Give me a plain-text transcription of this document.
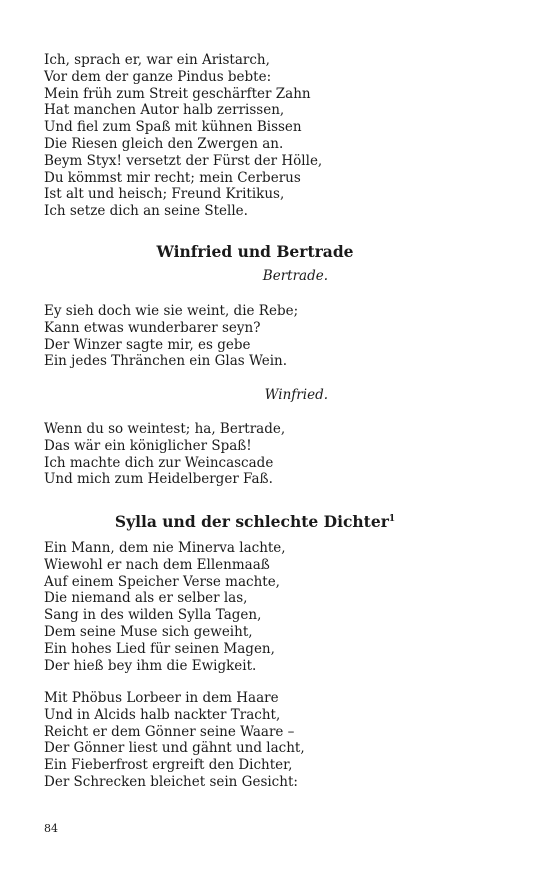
Ich, sprach er, war ein Aristarch,
Vor dem der ganze Pindus bebte:
Mein früh zum Streit geschärfter Zahn
Hat manchen Autor halb zerrissen,
Und fiel zum Spaß mit kühnen Bissen
Die Riesen gleich den Zwergen an.
Beym Styx! versetzt der Fürst der Hölle,
Du kömmst mir recht; mein Cerberus
Ist alt und heisch; Freund Kritikus,
Ich setze dich an seine Stelle.
Winfried und Bertrade

Bertrade.

Ey sieh doch wie sie weint, die Rebe;
Kann etwas wunderbarer seyn?
Der Winzer sagte mir, es gebe
Ein jedes Thränchen ein Glas Wein.

Winfried.

Wenn du so weintest; ha, Bertrade,
Das wär ein königlicher Spaß!
Ich machte dich zur Weincascade
Und mich zum Heidelberger Faß.
Sylla und der schlechte Dichter$^1$
Ein Mann, dem nie Minerva lachte,
Wiewohl er nach dem Ellenmaaß
Auf einem Speicher Verse machte,
Die niemand als er selber las,
Sang in des wilden Sylla Tagen,
Dem seine Muse sich geweiht,
Ein hohes Lied für seinen Magen,
Der hieß bey ihm die Ewigkeit.
Mit Phöbus Lorbeer in dem Haare
Und in Alcids halb nackter Tracht,
Reicht er dem Gönner seine Waare –
Der Gönner liest und gähnt und lacht,
Ein Fieberfrost ergreift den Dichter,
Der Schrecken bleichet sein Gesicht:

84
